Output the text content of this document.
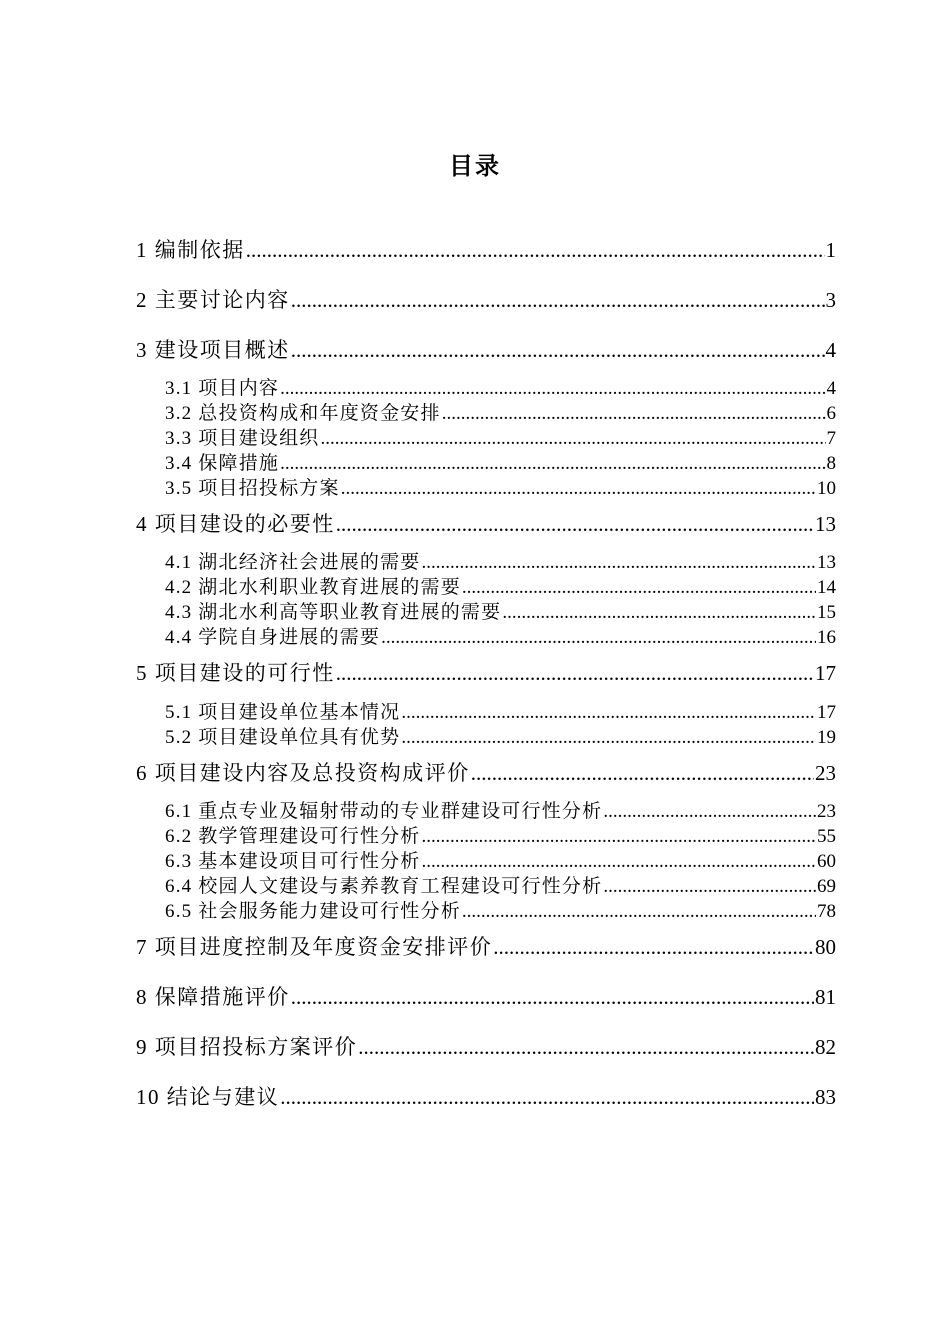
目录
1 编制依据 .....	1
2 主要讨论内容 .....	3
3 建设项目概述 .....	4
3.1 项目内容 .....	4
3.2 总投资构成和年度资金安排 .....	6
3.3 项目建设组织 .....	7
3.4 保障措施 .....	8
3.5 项目招投标方案 .....	10
4 项目建设的必要性 .....	13
4.1 湖北经济社会进展的需要 .....	13
4.2 湖北水利职业教育进展的需要 .....	14
4.3 湖北水利高等职业教育进展的需要 .....	15
4.4 学院自身进展的需要 .....	16
5 项目建设的可行性 .....	17
5.1 项目建设单位基本情况 .....	17
5.2 项目建设单位具有优势 .....	19
6 项目建设内容及总投资构成评价 .....	23
6.1 重点专业及辐射带动的专业群建设可行性分析 .....	23
6.2 教学管理建设可行性分析 .....	55
6.3 基本建设项目可行性分析 .....	60
6.4 校园人文建设与素养教育工程建设可行性分析 .....	69
6.5 社会服务能力建设可行性分析 .....	78
7 项目进度控制及年度资金安排评价 .....	80
8 保障措施评价 .....	81
9 项目招投标方案评价 .....	82
10 结论与建议 .....	83
